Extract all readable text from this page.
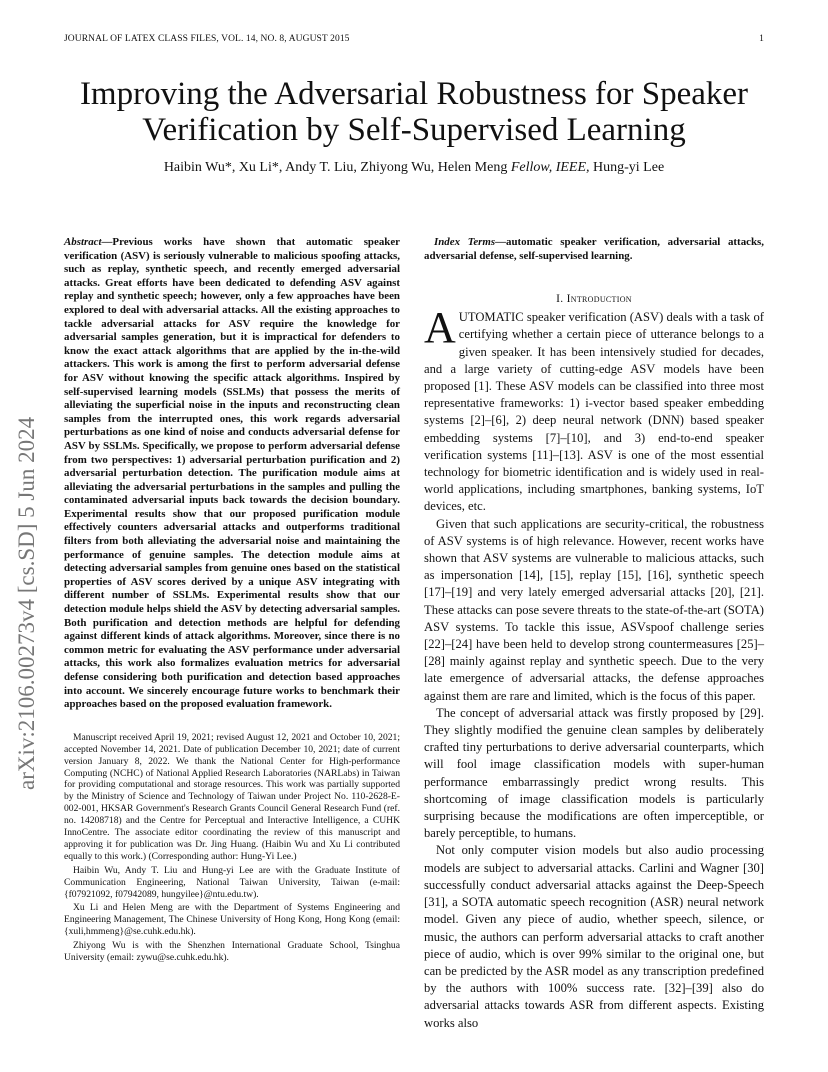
JOURNAL OF LATEX CLASS FILES, VOL. 14, NO. 8, AUGUST 2015	1
arXiv:2106.00273v4 [cs.SD] 5 Jun 2024
Improving the Adversarial Robustness for Speaker Verification by Self-Supervised Learning
Haibin Wu*, Xu Li*, Andy T. Liu, Zhiyong Wu, Helen Meng Fellow, IEEE, Hung-yi Lee

Abstract—Previous works have shown that automatic speaker verification (ASV) is seriously vulnerable to malicious spoofing attacks, such as replay, synthetic speech, and recently emerged adversarial attacks. Great efforts have been dedicated to defending ASV against replay and synthetic speech; however, only a few approaches have been explored to deal with adversarial attacks. All the existing approaches to tackle adversarial attacks for ASV require the knowledge for adversarial samples generation, but it is impractical for defenders to know the exact attack algorithms that are applied by the in-the-wild attackers. This work is among the first to perform adversarial defense for ASV without knowing the specific attack algorithms. Inspired by self-supervised learning models (SSLMs) that possess the merits of alleviating the superficial noise in the inputs and reconstructing clean samples from the interrupted ones, this work regards adversarial perturbations as one kind of noise and conducts adversarial defense for ASV by SSLMs. Specifically, we propose to perform adversarial defense from two perspectives: 1) adversarial perturbation purification and 2) adversarial perturbation detection. The purification module aims at alleviating the adversarial perturbations in the samples and pulling the contaminated adversarial inputs back towards the decision boundary. Experimental results show that our proposed purification module effectively counters adversarial attacks and outperforms traditional filters from both alleviating the adversarial noise and maintaining the performance of genuine samples. The detection module aims at detecting adversarial samples from genuine ones based on the statistical properties of ASV scores derived by a unique ASV integrating with different number of SSLMs. Experimental results show that our detection module helps shield the ASV by detecting adversarial samples. Both purification and detection methods are helpful for defending against different kinds of attack algorithms. Moreover, since there is no common metric for evaluating the ASV performance under adversarial attacks, this work also formalizes evaluation metrics for adversarial defense considering both purification and detection based approaches into account. We sincerely encourage future works to benchmark their approaches based on the proposed evaluation framework.

Manuscript received April 19, 2021; revised August 12, 2021 and October 10, 2021; accepted November 14, 2021. Date of publication December 10, 2021; date of current version January 8, 2022. We thank the National Center for High-performance Computing (NCHC) of National Applied Research Laboratories (NARLabs) in Taiwan for providing computational and storage resources. This work was partially supported by the Ministry of Science and Technology of Taiwan under Project No. 110-2628-E-002-001, HKSAR Government's Research Grants Council General Research Fund (ref. no. 14208718) and the Centre for Perceptual and Interactive Intelligence, a CUHK InnoCentre. The associate editor coordinating the review of this manuscript and approving it for publication was Dr. Jing Huang. (Haibin Wu and Xu Li contributed equally to this work.) (Corresponding author: Hung-Yi Lee.)

Haibin Wu, Andy T. Liu and Hung-yi Lee are with the Graduate Institute of Communication Engineering, National Taiwan University, Taiwan (e-mail: {f07921092, f07942089, hungyilee}@ntu.edu.tw).

Xu Li and Helen Meng are with the Department of Systems Engineering and Engineering Management, The Chinese University of Hong Kong, Hong Kong (email: {xuli,hmmeng}@se.cuhk.edu.hk).

Zhiyong Wu is with the Shenzhen International Graduate School, Tsinghua University (email: zywu@se.cuhk.edu.hk).

Index Terms—automatic speaker verification, adversarial attacks, adversarial defense, self-supervised learning.

I. Introduction

AUTOMATIC speaker verification (ASV) deals with a task of certifying whether a certain piece of utterance belongs to a given speaker. It has been intensively studied for decades, and a large variety of cutting-edge ASV models have been proposed [1]. These ASV models can be classified into three most representative frameworks: 1) i-vector based speaker embedding systems [2]–[6], 2) deep neural network (DNN) based speaker embedding systems [7]–[10], and 3) end-to-end speaker verification systems [11]–[13]. ASV is one of the most essential technology for biometric identification and is widely used in real-world applications, including smartphones, banking systems, IoT devices, etc.

Given that such applications are security-critical, the robustness of ASV systems is of high relevance. However, recent works have shown that ASV systems are vulnerable to malicious attacks, such as impersonation [14], [15], replay [15], [16], synthetic speech [17]–[19] and very lately emerged adversarial attacks [20], [21]. These attacks can pose severe threats to the state-of-the-art (SOTA) ASV systems. To tackle this issue, ASVspoof challenge series [22]–[24] have been held to develop strong countermeasures [25]–[28] mainly against replay and synthetic speech. Due to the very late emergence of adversarial attacks, the defense approaches against them are rare and limited, which is the focus of this paper.

The concept of adversarial attack was firstly proposed by [29]. They slightly modified the genuine clean samples by deliberately crafted tiny perturbations to derive adversarial counterparts, which will fool image classification models with super-human performance embarrassingly predict wrong results. This shortcoming of image classification models is particularly surprising because the modifications are often imperceptible, or barely perceptible, to humans.

Not only computer vision models but also audio processing models are subject to adversarial attacks. Carlini and Wagner [30] successfully conduct adversarial attacks against the Deep-Speech [31], a SOTA automatic speech recognition (ASR) neural network model. Given any piece of audio, whether speech, silence, or music, the authors can perform adversarial attacks to craft another piece of audio, which is over 99% similar to the original one, but can be predicted by the ASR model as any transcription predefined by the authors with 100% success rate. [32]–[39] also do adversarial attacks towards ASR from different aspects. Existing works also
